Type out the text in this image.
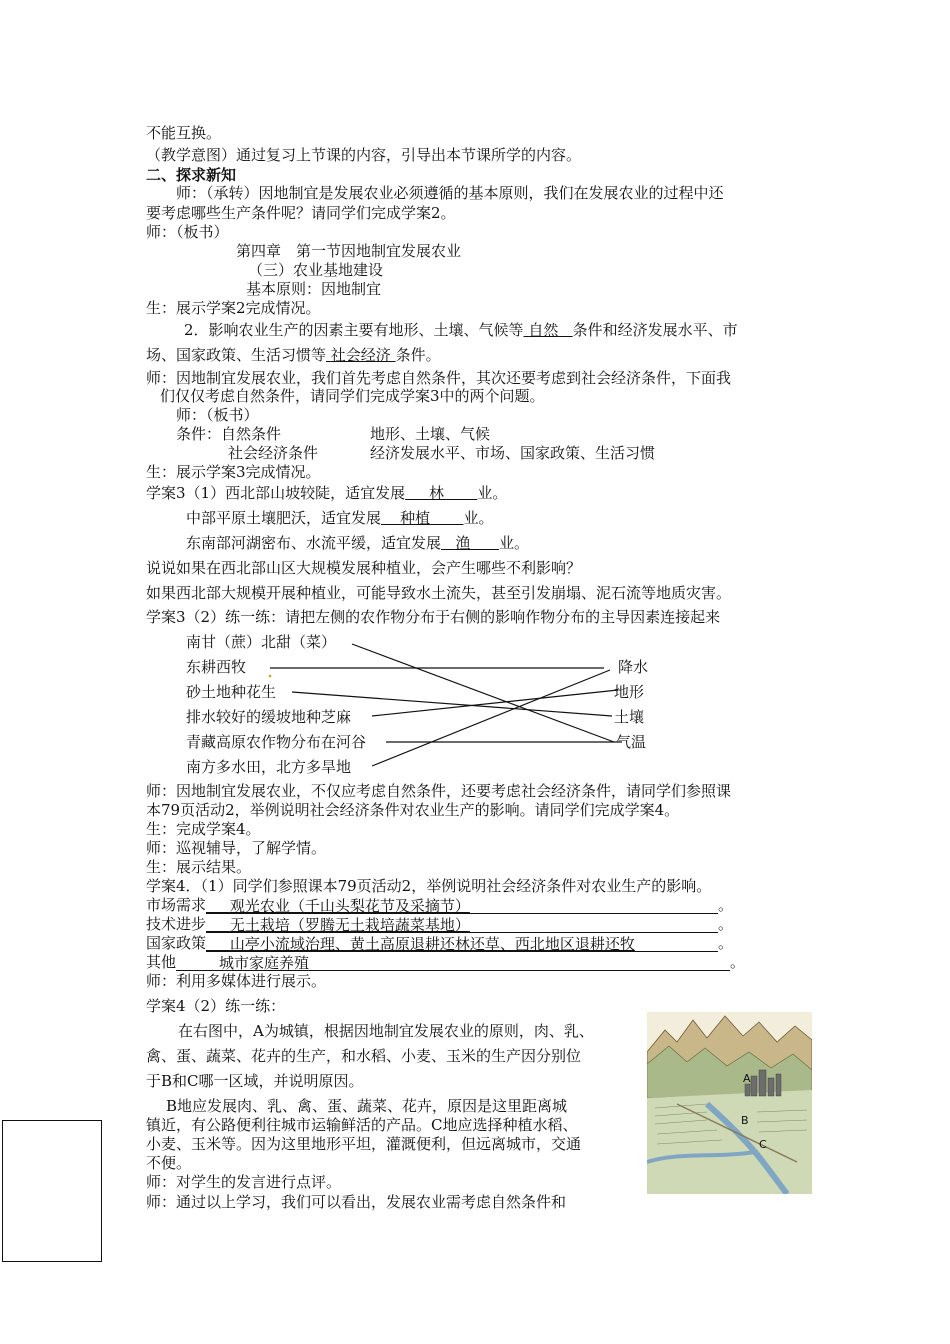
不能互换。
（教学意图）通过复习上节课的内容，引导出本节课所学的内容。
二、探求新知
师：（承转）因地制宜是发展农业必须遵循的基本原则，我们在发展农业的过程中还
要考虑哪些生产条件呢？请同学们完成学案2。
师：（板书）
第四章　第一节因地制宜发展农业
（三）农业基地建设
基本原则：因地制宜
生：展示学案2完成情况。
2．影响农业生产的因素主要有地形、土壤、气候等 自然 条件和经济发展水平、市
场、国家政策、生活习惯等 社会经济 条件。
师：因地制宜发展农业，我们首先考虑自然条件，其次还要考虑到社会经济条件，下面我
们仅仅考虑自然条件，请同学们完成学案3中的两个问题。
师：（板书）
条件：自然条件	地形、土壤、气候
社会经济条件	经济发展水平、市场、国家政策、生活习惯
生：展示学案3完成情况。
学案3（1）西北部山坡较陡，适宜发展 林 业。
中部平原土壤肥沃，适宜发展 种植 业。
东南部河湖密布、水流平缓，适宜发展 渔 业。
说说如果在西北部山区大规模发展种植业，会产生哪些不利影响？
如果西北部大规模开展种植业，可能导致水土流失，甚至引发崩塌、泥石流等地质灾害。
学案3（2）练一练：请把左侧的农作物分布于右侧的影响作物分布的主导因素连接起来
南甘（蔗）北甜（菜）
东耕西牧
砂土地种花生
排水较好的缓坡地种芝麻
青藏高原农作物分布在河谷
南方多水田，北方多旱地
降水
地形
土壤
气温
师：因地制宜发展农业，不仅应考虑自然条件，还要考虑社会经济条件，请同学们参照课
本79页活动2，举例说明社会经济条件对农业生产的影响。请同学们完成学案4。
生：完成学案4。
师：巡视辅导，了解学情。
生：展示结果。
学案4．（1）同学们参照课本79页活动2，举例说明社会经济条件对农业生产的影响。
市场需求 观光农业（千山头梨花节及采摘节）	。
技术进步 无土栽培（罗腾无土栽培蔬菜基地）	。
国家政策 山亭小流域治理、黄土高原退耕还林还草、西北地区退耕还牧	。
其他	城市家庭养殖	。
师：利用多媒体进行展示。
学案4（2）练一练：
在右图中，A为城镇，根据因地制宜发展农业的原则，肉、乳、
禽、蛋、蔬菜、花卉的生产，和水稻、小麦、玉米的生产因分别位
于B和C哪一区域，并说明原因。
B地应发展肉、乳、禽、蛋、蔬菜、花卉，原因是这里距离城
镇近，有公路便利往城市运输鲜活的产品。C地应选择种植水稻、
小麦、玉米等。因为这里地形平坦，灌溉便利，但远离城市，交通
不便。
师：对学生的发言进行点评。
师：通过以上学习，我们可以看出，发展农业需考虑自然条件和
A
B
C
